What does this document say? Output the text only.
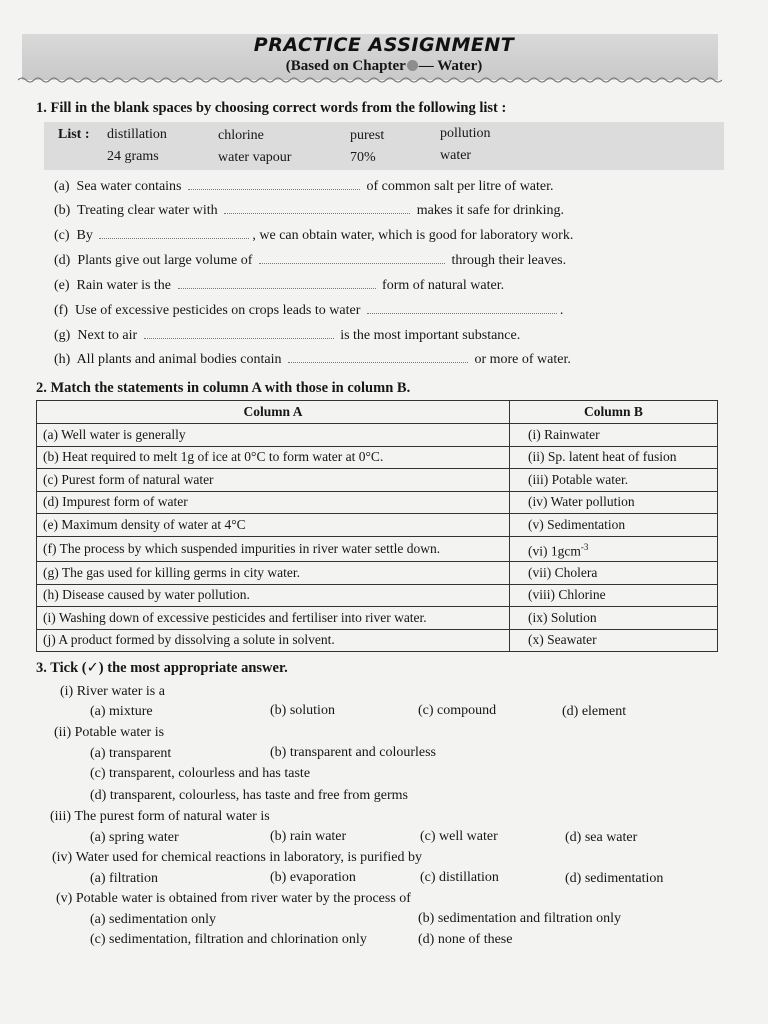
PRACTICE ASSIGNMENT
(Based on Chapter — Water)
1. Fill in the blank spaces by choosing correct words from the following list :
List : distillation	chlorine	purest	pollution
24 grams	water vapour	70%	water
(a) Sea water contains	of common salt per litre of water.
(b) Treating clear water with	makes it safe for drinking.
(c) By	, we can obtain water, which is good for laboratory work.
(d) Plants give out large volume of	through their leaves.
(e) Rain water is the	form of natural water.
(f) Use of excessive pesticides on crops leads to water	.
(g) Next to air	is the most important substance.
(h) All plants and animal bodies contain	or more of water.
2. Match the statements in column A with those in column B.
Column A	Column B
(a) Well water is generally	(i) Rainwater
(b) Heat required to melt 1g of ice at 0°C to form water at 0°C.	(ii) Sp. latent heat of fusion
(c) Purest form of natural water	(iii) Potable water.
(d) Impurest form of water	(iv) Water pollution
(e) Maximum density of water at 4°C	(v) Sedimentation
(f) The process by which suspended impurities in river water settle down.	(vi) 1gcm$^{-3}$
(g) The gas used for killing germs in city water.	(vii) Cholera
(h) Disease caused by water pollution.	(viii) Chlorine
(i) Washing down of excessive pesticides and fertiliser into river water.	(ix) Solution
(j) A product formed by dissolving a solute in solvent.	(x) Seawater
3. Tick (✓) the most appropriate answer.
(i) River water is a
(a) mixture	(b) solution	(c) compound	(d) element
(ii) Potable water is
(a) transparent	(b) transparent and colourless
(c) transparent, colourless and has taste
(d) transparent, colourless, has taste and free from germs
(iii) The purest form of natural water is
(a) spring water	(b) rain water	(c) well water	(d) sea water
(iv) Water used for chemical reactions in laboratory, is purified by
(a) filtration	(b) evaporation	(c) distillation	(d) sedimentation
(v) Potable water is obtained from river water by the process of
(a) sedimentation only	(b) sedimentation and filtration only
(c) sedimentation, filtration and chlorination only	(d) none of these
